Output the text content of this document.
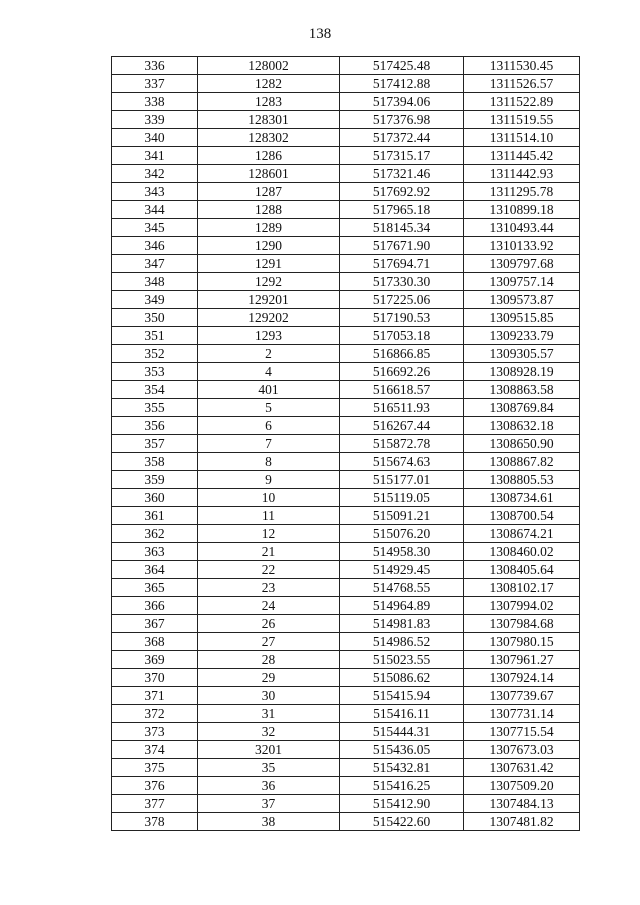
138
336	128002	517425.48	1311530.45
337	1282	517412.88	1311526.57
338	1283	517394.06	1311522.89
339	128301	517376.98	1311519.55
340	128302	517372.44	1311514.10
341	1286	517315.17	1311445.42
342	128601	517321.46	1311442.93
343	1287	517692.92	1311295.78
344	1288	517965.18	1310899.18
345	1289	518145.34	1310493.44
346	1290	517671.90	1310133.92
347	1291	517694.71	1309797.68
348	1292	517330.30	1309757.14
349	129201	517225.06	1309573.87
350	129202	517190.53	1309515.85
351	1293	517053.18	1309233.79
352	2	516866.85	1309305.57
353	4	516692.26	1308928.19
354	401	516618.57	1308863.58
355	5	516511.93	1308769.84
356	6	516267.44	1308632.18
357	7	515872.78	1308650.90
358	8	515674.63	1308867.82
359	9	515177.01	1308805.53
360	10	515119.05	1308734.61
361	11	515091.21	1308700.54
362	12	515076.20	1308674.21
363	21	514958.30	1308460.02
364	22	514929.45	1308405.64
365	23	514768.55	1308102.17
366	24	514964.89	1307994.02
367	26	514981.83	1307984.68
368	27	514986.52	1307980.15
369	28	515023.55	1307961.27
370	29	515086.62	1307924.14
371	30	515415.94	1307739.67
372	31	515416.11	1307731.14
373	32	515444.31	1307715.54
374	3201	515436.05	1307673.03
375	35	515432.81	1307631.42
376	36	515416.25	1307509.20
377	37	515412.90	1307484.13
378	38	515422.60	1307481.82
